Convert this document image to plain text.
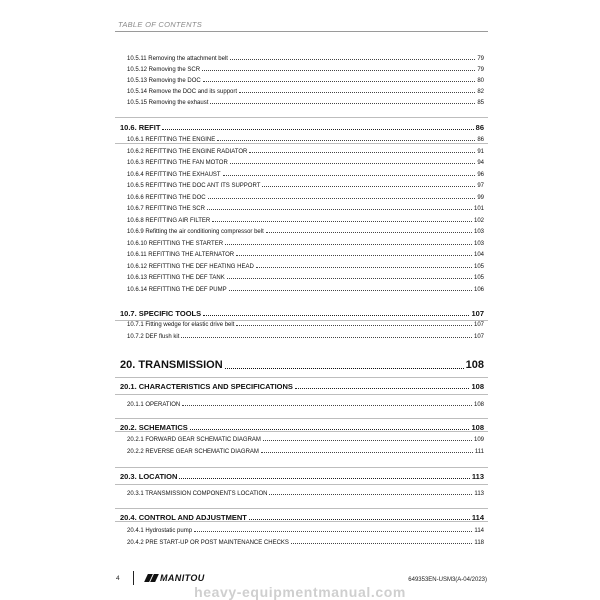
TABLE OF CONTENTS
10.5.11 Removing the attachment belt	79
10.5.12 Removing the SCR	79
10.5.13 Removing the DOC	80
10.5.14 Remove the DOC and its support	82
10.5.15 Removing the exhaust	85
10.6. REFIT	86
10.6.1 REFITTING THE ENGINE	86
10.6.2 REFITTING THE ENGINE RADIATOR	91
10.6.3 REFITTING THE FAN MOTOR	94
10.6.4 REFITTING THE EXHAUST	96
10.6.5 REFITTING THE DOC ANT ITS SUPPORT	97
10.6.6 REFITTING THE DOC	99
10.6.7 REFITTING THE SCR	101
10.6.8 REFITTING AIR FILTER	102
10.6.9 Refitting the air conditioning compressor belt	103
10.6.10 REFITTING THE STARTER	103
10.6.11 REFITTING THE ALTERNATOR	104
10.6.12 REFITTING THE DEF HEATING HEAD	105
10.6.13 REFITTING THE DEF TANK	105
10.6.14 REFITTING THE DEF PUMP	106
10.7. SPECIFIC TOOLS	107
10.7.1 Fitting wedge for elastic drive belt	107
10.7.2 DEF flush kit	107
20. TRANSMISSION	108
20.1. CHARACTERISTICS AND SPECIFICATIONS	108
20.1.1 OPERATION	108
20.2. SCHEMATICS	108
20.2.1 FORWARD GEAR SCHEMATIC DIAGRAM	109
20.2.2 REVERSE GEAR SCHEMATIC DIAGRAM	111
20.3. LOCATION	113
20.3.1 TRANSMISSION COMPONENTS LOCATION	113
20.4. CONTROL AND ADJUSTMENT	114
20.4.1 Hydrostatic pump	114
20.4.2 PRE START-UP OR POST MAINTENANCE CHECKS	118
4	MANITOU	649353EN-USM3(A-04/2023)
heavy-equipmentmanual.com
